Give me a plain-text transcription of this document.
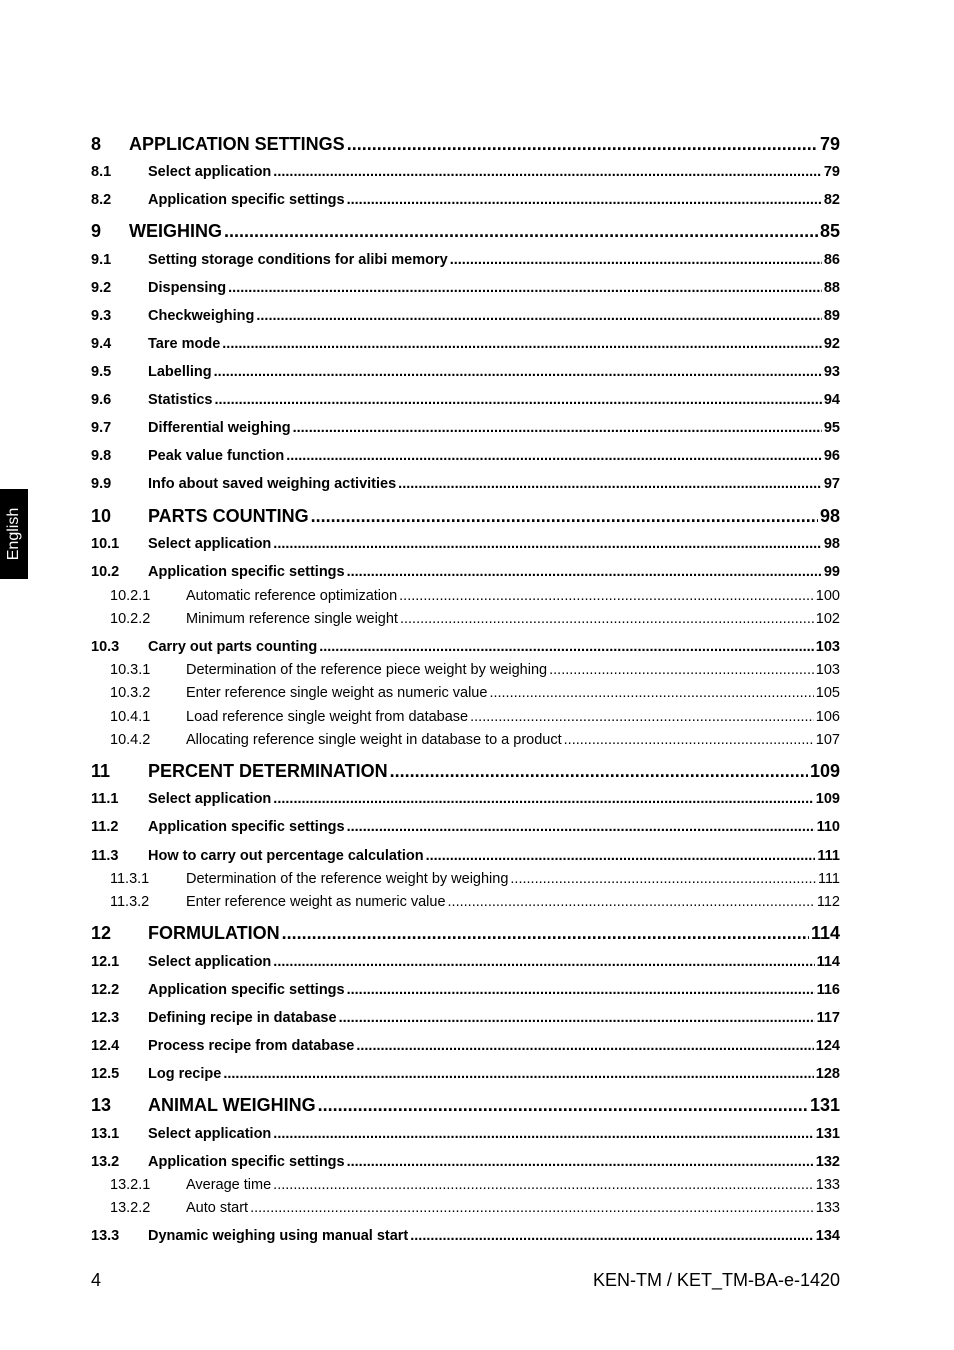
English
8	APPLICATION SETTINGS .....	79
8.1	Select application .....	79
8.2	Application specific settings .....	82
9	WEIGHING .....	85
9.1	Setting storage conditions for alibi memory .....	86
9.2	Dispensing .....	88
9.3	Checkweighing .....	89
9.4	Tare mode .....	92
9.5	Labelling .....	93
9.6	Statistics .....	94
9.7	Differential weighing .....	95
9.8	Peak value function .....	96
9.9	Info about saved weighing activities .....	97
10	PARTS COUNTING .....	98
10.1	Select application .....	98
10.2	Application specific settings .....	99
10.2.1	Automatic reference optimization .....	100
10.2.2	Minimum reference single weight .....	102
10.3	Carry out parts counting .....	103
10.3.1	Determination of the reference piece weight by weighing .....	103
10.3.2	Enter reference single weight as numeric value .....	105
10.4.1	Load reference single weight from database .....	106
10.4.2	Allocating reference single weight in database to a product .....	107
11	PERCENT DETERMINATION .....	109
11.1	Select application .....	109
11.2	Application specific settings .....	110
11.3	How to carry out percentage calculation .....	111
11.3.1	Determination of the reference weight by weighing .....	111
11.3.2	Enter reference weight as numeric value .....	112
12	FORMULATION .....	114
12.1	Select application .....	114
12.2	Application specific settings .....	116
12.3	Defining recipe in database .....	117
12.4	Process recipe from database .....	124
12.5	Log recipe .....	128
13	ANIMAL WEIGHING .....	131
13.1	Select application .....	131
13.2	Application specific settings .....	132
13.2.1	Average time .....	133
13.2.2	Auto start .....	133
13.3	Dynamic weighing using manual start .....	134
4	KEN-TM / KET_TM-BA-e-1420
